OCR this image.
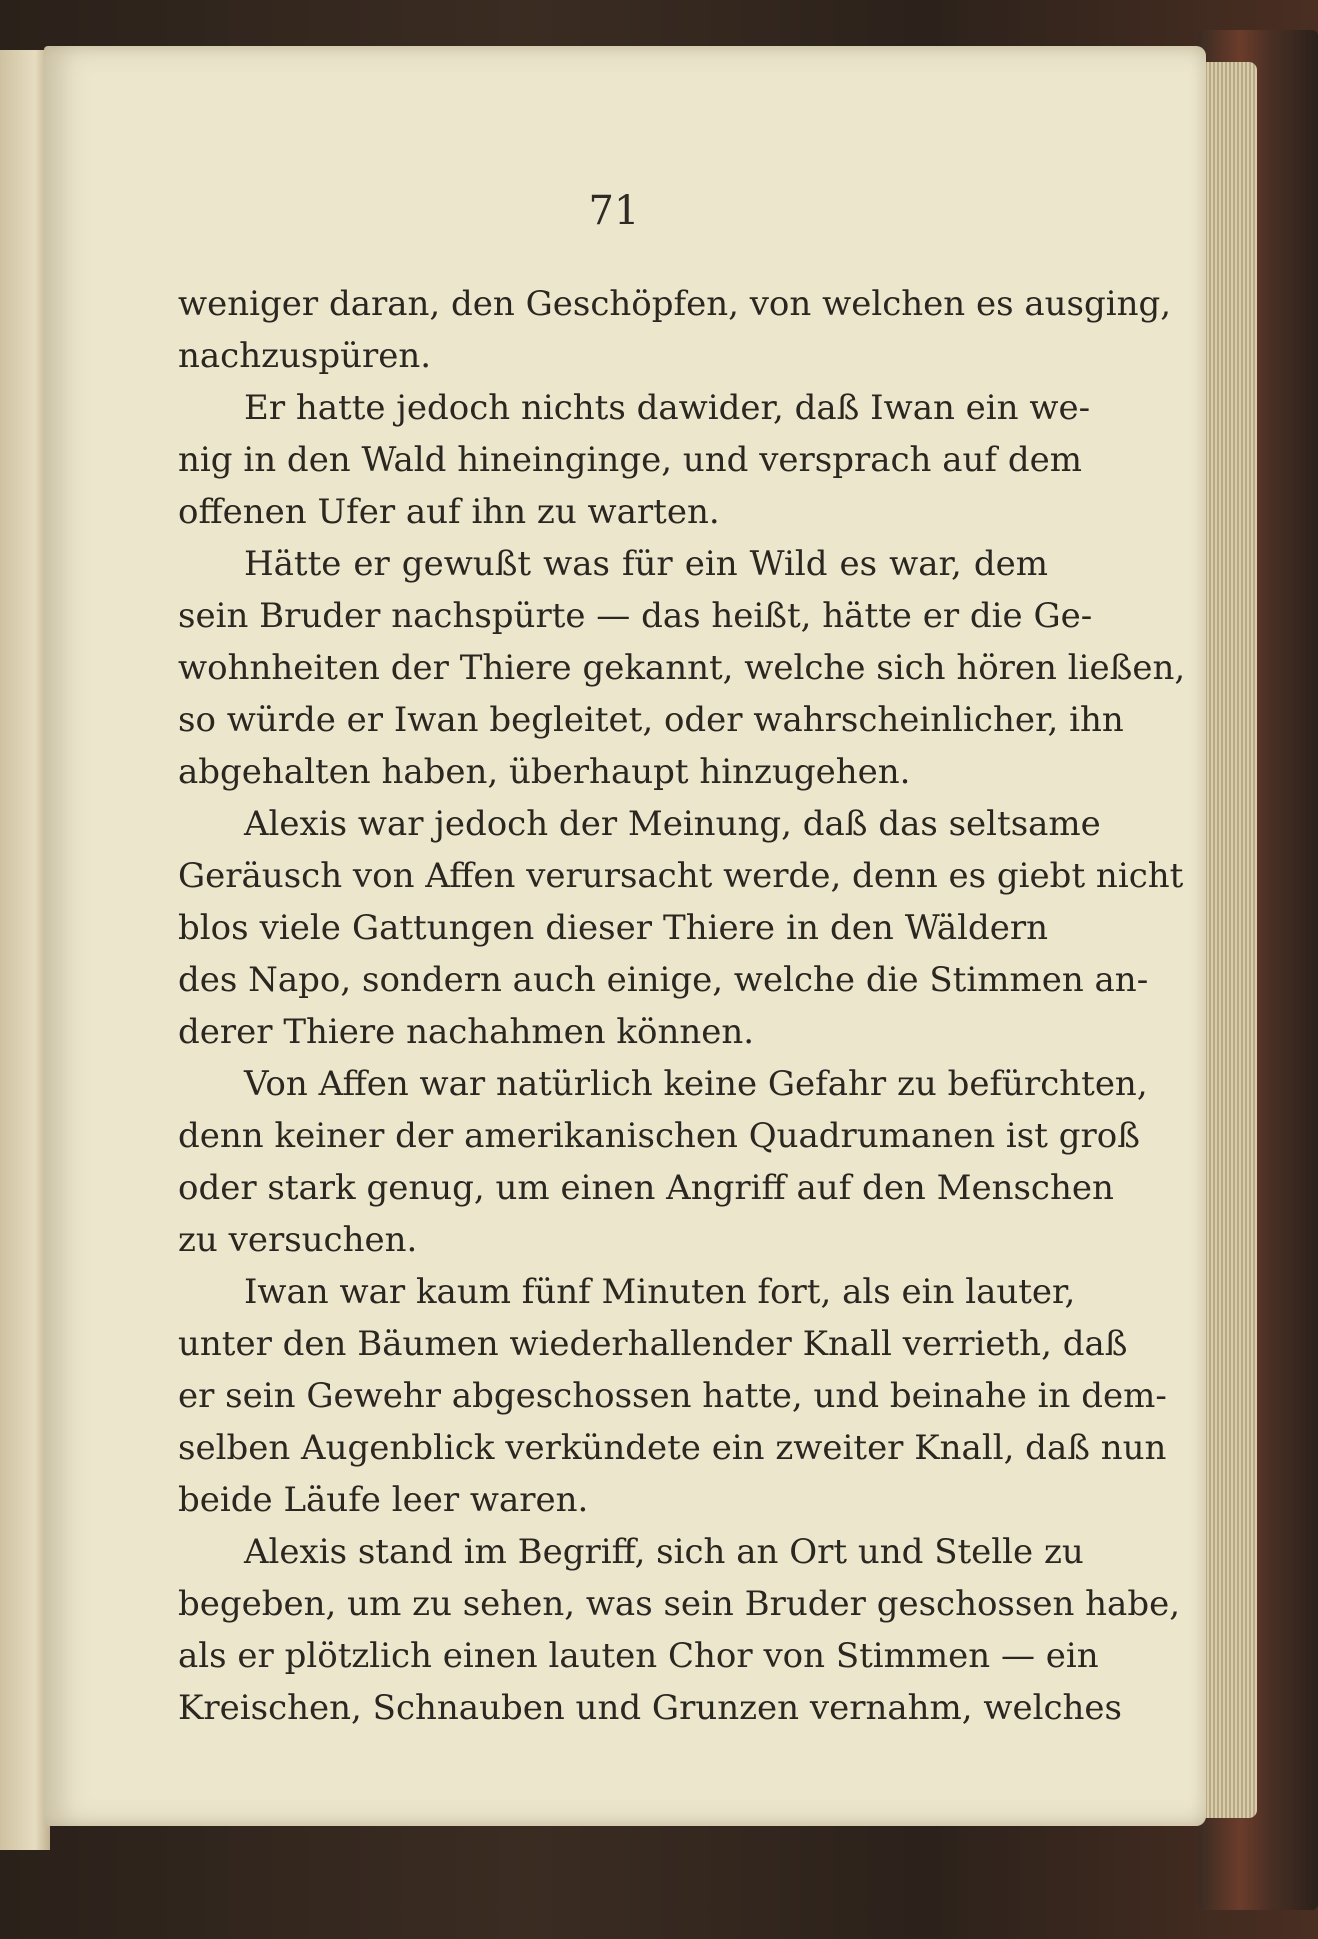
71
weniger daran, den Geschöpfen, von welchen es ausging,
nachzuspüren.
Er hatte jedoch nichts dawider, daß Iwan ein we-
nig in den Wald hineinginge, und versprach auf dem
offenen Ufer auf ihn zu warten.
Hätte er gewußt was für ein Wild es war, dem
sein Bruder nachspürte — das heißt, hätte er die Ge-
wohnheiten der Thiere gekannt, welche sich hören ließen,
so würde er Iwan begleitet, oder wahrscheinlicher, ihn
abgehalten haben, überhaupt hinzugehen.
Alexis war jedoch der Meinung, daß das seltsame
Geräusch von Affen verursacht werde, denn es giebt nicht
blos viele Gattungen dieser Thiere in den Wäldern
des Napo, sondern auch einige, welche die Stimmen an-
derer Thiere nachahmen können.
Von Affen war natürlich keine Gefahr zu befürchten,
denn keiner der amerikanischen Quadrumanen ist groß
oder stark genug, um einen Angriff auf den Menschen
zu versuchen.
Iwan war kaum fünf Minuten fort, als ein lauter,
unter den Bäumen wiederhallender Knall verrieth, daß
er sein Gewehr abgeschossen hatte, und beinahe in dem-
selben Augenblick verkündete ein zweiter Knall, daß nun
beide Läufe leer waren.
Alexis stand im Begriff, sich an Ort und Stelle zu
begeben, um zu sehen, was sein Bruder geschossen habe,
als er plötzlich einen lauten Chor von Stimmen — ein
Kreischen, Schnauben und Grunzen vernahm, welches
